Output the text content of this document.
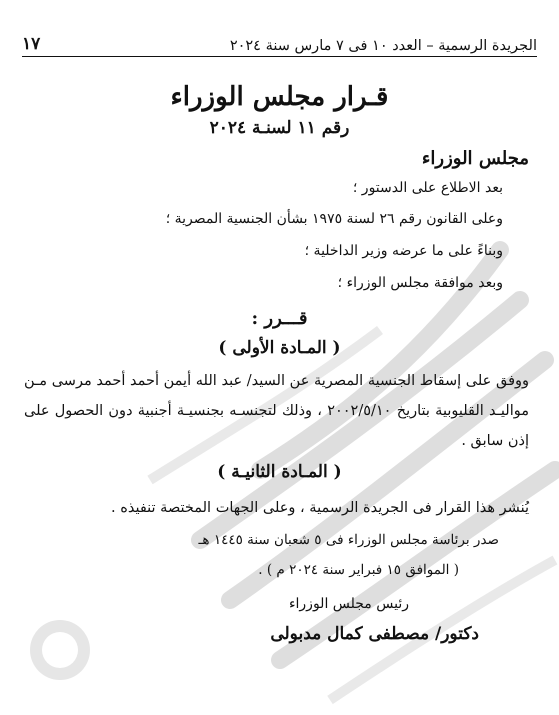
الجريدة الرسمية – العدد ١٠ فى ٧ مارس سنة ٢٠٢٤
١٧
قـرار مجلس الوزراء
رقم ١١ لسنـة ٢٠٢٤
مجلس الوزراء
بعد الاطلاع على الدستور ؛
وعلى القانون رقم ٢٦ لسنة ١٩٧٥ بشأن الجنسية المصرية ؛
وبناءً على ما عرضه وزير الداخلية ؛
وبعد موافقة مجلس الوزراء ؛
قـــرر :
( المـادة الأولى )
ووفق على إسقاط الجنسية المصرية عن السيد/ عبد الله أيمن أحمد أحمد مرسى مـن مواليـد القليوبية بتاريخ ٢٠٠٢/٥/١٠ ، وذلك لتجنسـه بجنسيـة أجنبية دون الحصول على إذن سابق .
( المـادة الثانيـة )
يُنشر هذا القرار فى الجريدة الرسمية ، وعلى الجهات المختصة تنفيذه .
صدر برئاسة مجلس الوزراء فى ٥ شعبان سنة ١٤٤٥ هـ
( الموافق ١٥ فبراير سنة ٢٠٢٤ م ) .
رئيس مجلس الوزراء
دكتور/ مصطفى كمال مدبولى
